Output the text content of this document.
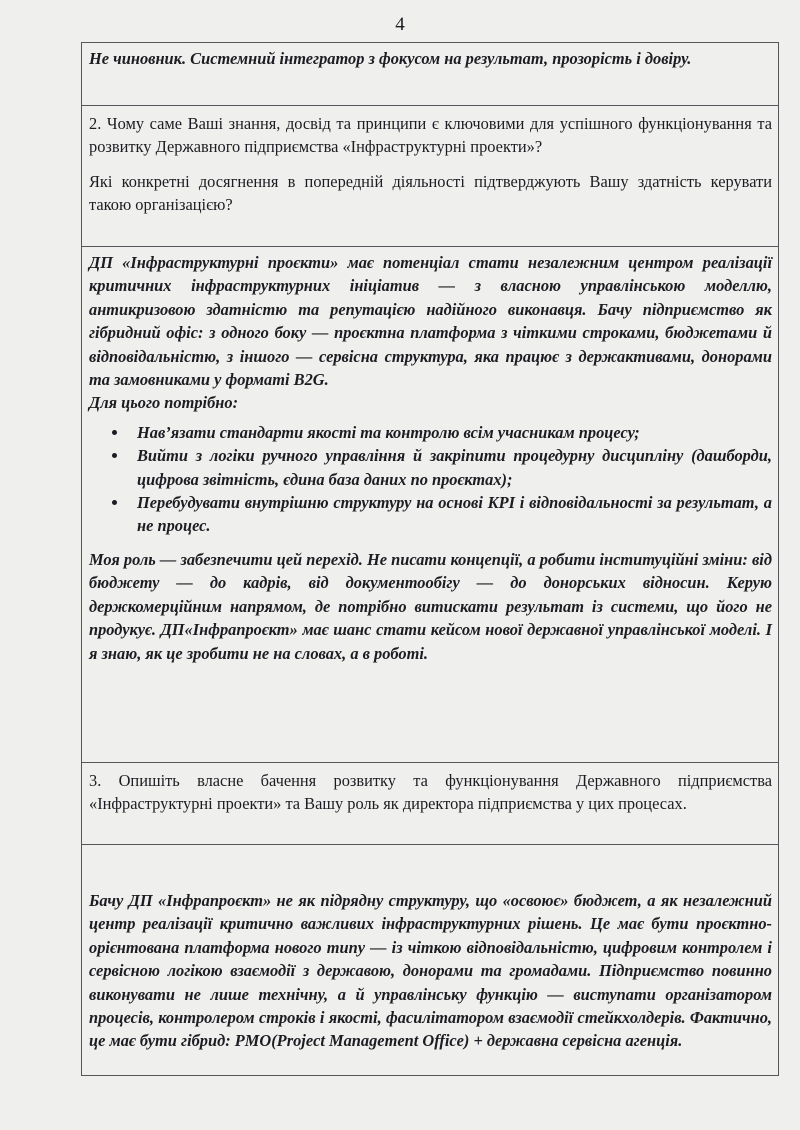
4

Не чиновник. Системний інтегратор з фокусом на результат, прозорість і довіру.

2. Чому саме Ваші знання, досвід та принципи є ключовими для успішного функціонування та розвитку Державного підприємства «Інфраструктурні проекти»?

Які конкретні досягнення в попередній діяльності підтверджують Вашу здатність керувати такою організацією?

ДП «Інфраструктурні проєкти» має потенціал стати незалежним центром реалізації критичних інфраструктурних ініціатив — з власною управлінською моделлю, антикризовою здатністю та репутацією надійного виконавця. Бачу підприємство як гібридний офіс: з одного боку — проєктна платформа з чіткими строками, бюджетами й відповідальністю, з іншого — сервісна структура, яка працює з держактивами, донорами та замовниками у форматі B2G.

Для цього потрібно:

• Нав’язати стандарти якості та контролю всім учасникам процесу;
• Вийти з логіки ручного управління й закріпити процедурну дисципліну (дашборди, цифрова звітність, єдина база даних по проєктах);
• Перебудувати внутрішню структуру на основі KPI і відповідальності за результат, а не процес.

Моя роль — забезпечити цей перехід. Не писати концепції, а робити інституційні зміни: від бюджету — до кадрів, від документообігу — до донорських відносин. Керую держкомерційним напрямом, де потрібно витискати результат із системи, що його не продукує. ДП«Інфрапроєкт» має шанс стати кейсом нової державної управлінської моделі. І я знаю, як це зробити не на словах, а в роботі.

3. Опишіть власне бачення розвитку та функціонування Державного підприємства «Інфраструктурні проекти» та Вашу роль як директора підприємства у цих процесах.

Бачу ДП «Інфрапроєкт» не як підрядну структуру, що «освоює» бюджет, а як незалежний центр реалізації критично важливих інфраструктурних рішень. Це має бути проєктно-орієнтована платформа нового типу — із чіткою відповідальністю, цифровим контролем і сервісною логікою взаємодії з державою, донорами та громадами. Підприємство повинно виконувати не лише технічну, а й управлінську функцію — виступати організатором процесів, контролером строків і якості, фасилітатором взаємодії стейкхолдерів. Фактично, це має бути гібрид: PMO(Project Management Office) + державна сервісна агенція.
